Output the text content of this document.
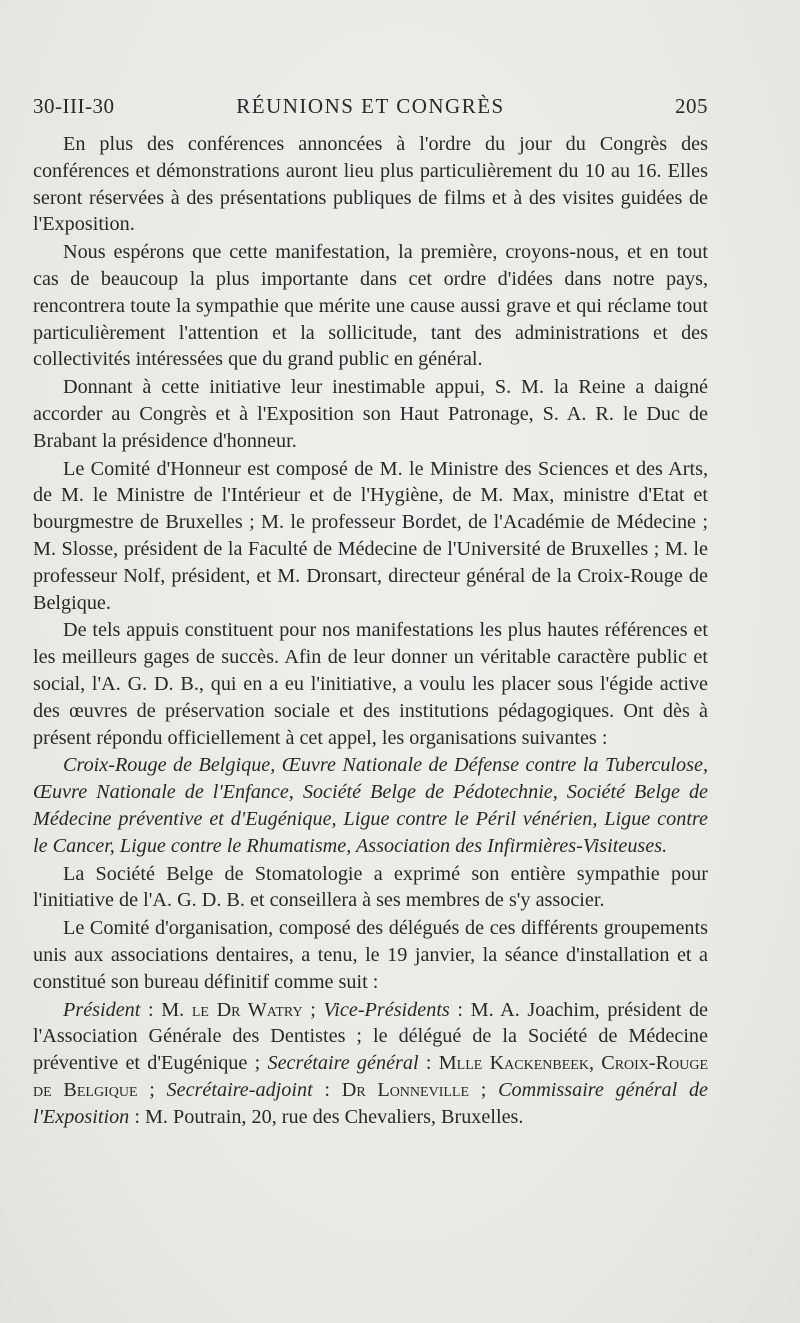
30-III-30	RÉUNIONS ET CONGRÈS	205

En plus des conférences annoncées à l'ordre du jour du Congrès des conférences et démonstrations auront lieu plus particulièrement du 10 au 16. Elles seront réservées à des présentations publiques de films et à des visites guidées de l'Exposition.

Nous espérons que cette manifestation, la première, croyons-nous, et en tout cas de beaucoup la plus importante dans cet ordre d'idées dans notre pays, rencontrera toute la sympathie que mérite une cause aussi grave et qui réclame tout particulièrement l'attention et la sollicitude, tant des administrations et des collectivités intéressées que du grand public en général.

Donnant à cette initiative leur inestimable appui, S. M. la Reine a daigné accorder au Congrès et à l'Exposition son Haut Patronage, S. A. R. le Duc de Brabant la présidence d'honneur.

Le Comité d'Honneur est composé de M. le Ministre des Sciences et des Arts, de M. le Ministre de l'Intérieur et de l'Hygiène, de M. Max, ministre d'Etat et bourgmestre de Bruxelles ; M. le professeur Bordet, de l'Académie de Médecine ; M. Slosse, président de la Faculté de Médecine de l'Université de Bruxelles ; M. le professeur Nolf, président, et M. Dronsart, directeur général de la Croix-Rouge de Belgique.

De tels appuis constituent pour nos manifestations les plus hautes références et les meilleurs gages de succès. Afin de leur donner un véritable caractère public et social, l'A. G. D. B., qui en a eu l'initiative, a voulu les placer sous l'égide active des œuvres de préservation sociale et des institutions pédagogiques. Ont dès à présent répondu officiellement à cet appel, les organisations suivantes :

Croix-Rouge de Belgique, Œuvre Nationale de Défense contre la Tuberculose, Œuvre Nationale de l'Enfance, Société Belge de Pédotechnie, Société Belge de Médecine préventive et d'Eugénique, Ligue contre le Péril vénérien, Ligue contre le Cancer, Ligue contre le Rhumatisme, Association des Infirmières-Visiteuses.

La Société Belge de Stomatologie a exprimé son entière sympathie pour l'initiative de l'A. G. D. B. et conseillera à ses membres de s'y associer.

Le Comité d'organisation, composé des délégués de ces différents groupements unis aux associations dentaires, a tenu, le 19 janvier, la séance d'installation et a constitué son bureau définitif comme suit :

Président : M. le Dr Watry ; Vice-Présidents : M. A. Joachim, président de l'Association Générale des Dentistes ; le délégué de la Société de Médecine préventive et d'Eugénique ; Secrétaire général : Mlle Kackenbeek, Croix-Rouge de Belgique ; Secrétaire-adjoint : Dr Lonneville ; Commissaire général de l'Exposition : M. Poutrain, 20, rue des Chevaliers, Bruxelles.
